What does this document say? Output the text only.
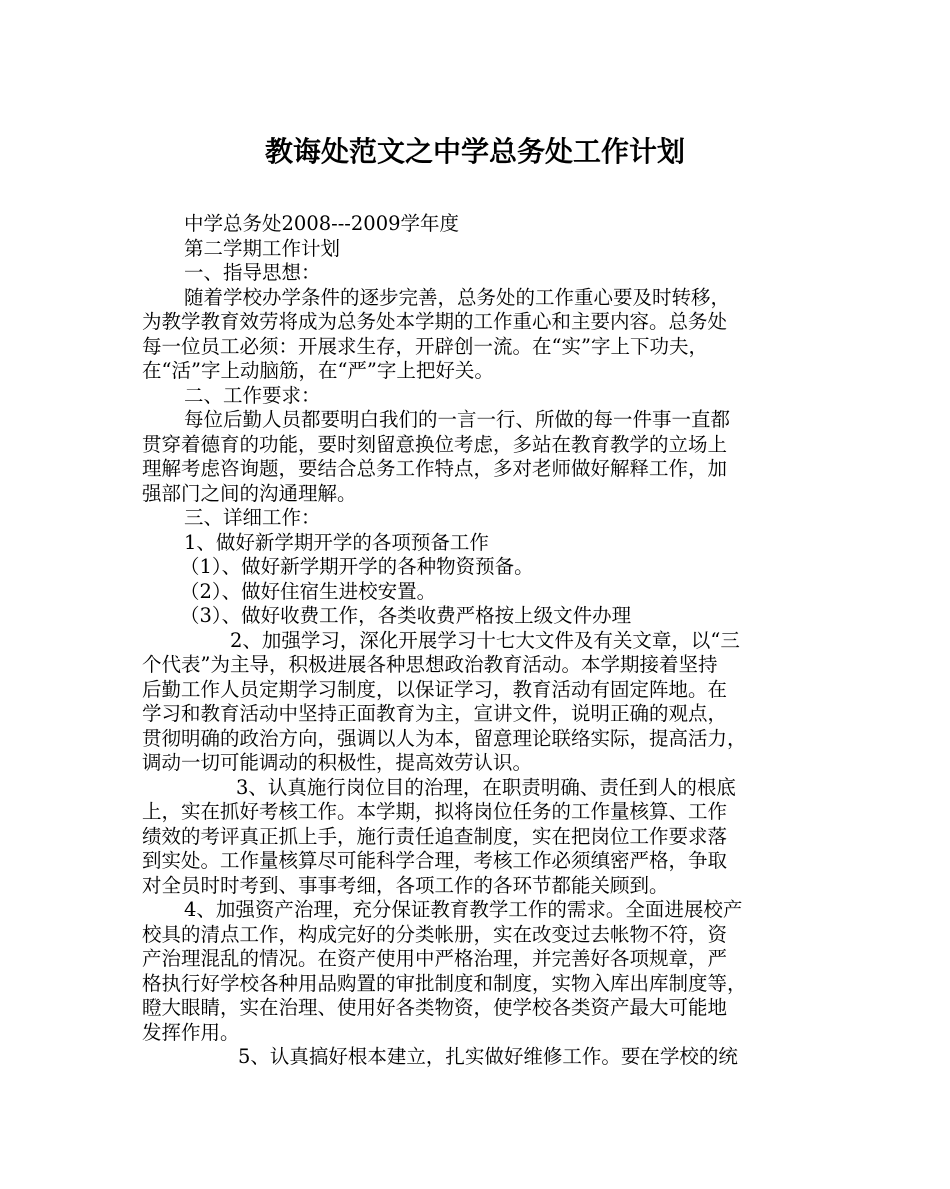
教诲处范文之中学总务处工作计划
中学总务处2008---2009学年度
第二学期工作计划
一、指导思想：
随着学校办学条件的逐步完善，总务处的工作重心要及时转移，
为教学教育效劳将成为总务处本学期的工作重心和主要内容。总务处
每一位员工必须：开展求生存，开辟创一流。在“实”字上下功夫，
在“活”字上动脑筋，在“严”字上把好关。
二、工作要求：
每位后勤人员都要明白我们的一言一行、所做的每一件事一直都
贯穿着德育的功能，要时刻留意换位考虑，多站在教育教学的立场上
理解考虑咨询题，要结合总务工作特点，多对老师做好解释工作，加
强部门之间的沟通理解。
三、详细工作：
1、做好新学期开学的各项预备工作
（1）、做好新学期开学的各种物资预备。
（2）、做好住宿生进校安置。
（3）、做好收费工作，各类收费严格按上级文件办理
2、加强学习，深化开展学习十七大文件及有关文章，以“三
个代表”为主导，积极进展各种思想政治教育活动。本学期接着坚持
后勤工作人员定期学习制度，以保证学习，教育活动有固定阵地。在
学习和教育活动中坚持正面教育为主，宣讲文件，说明正确的观点，
贯彻明确的政治方向，强调以人为本，留意理论联络实际，提高活力，
调动一切可能调动的积极性，提高效劳认识。
3、认真施行岗位目的治理，在职责明确、责任到人的根底
上，实在抓好考核工作。本学期，拟将岗位任务的工作量核算、工作
绩效的考评真正抓上手，施行责任追查制度，实在把岗位工作要求落
到实处。工作量核算尽可能科学合理，考核工作必须缜密严格，争取
对全员时时考到、事事考细，各项工作的各环节都能关顾到。
4、加强资产治理，充分保证教育教学工作的需求。全面进展校产
校具的清点工作，构成完好的分类帐册，实在改变过去帐物不符，资
产治理混乱的情况。在资产使用中严格治理，并完善好各项规章，严
格执行好学校各种用品购置的审批制度和制度，实物入库出库制度等，
瞪大眼睛，实在治理、使用好各类物资，使学校各类资产最大可能地
发挥作用。
5、认真搞好根本建立，扎实做好维修工作。要在学校的统
